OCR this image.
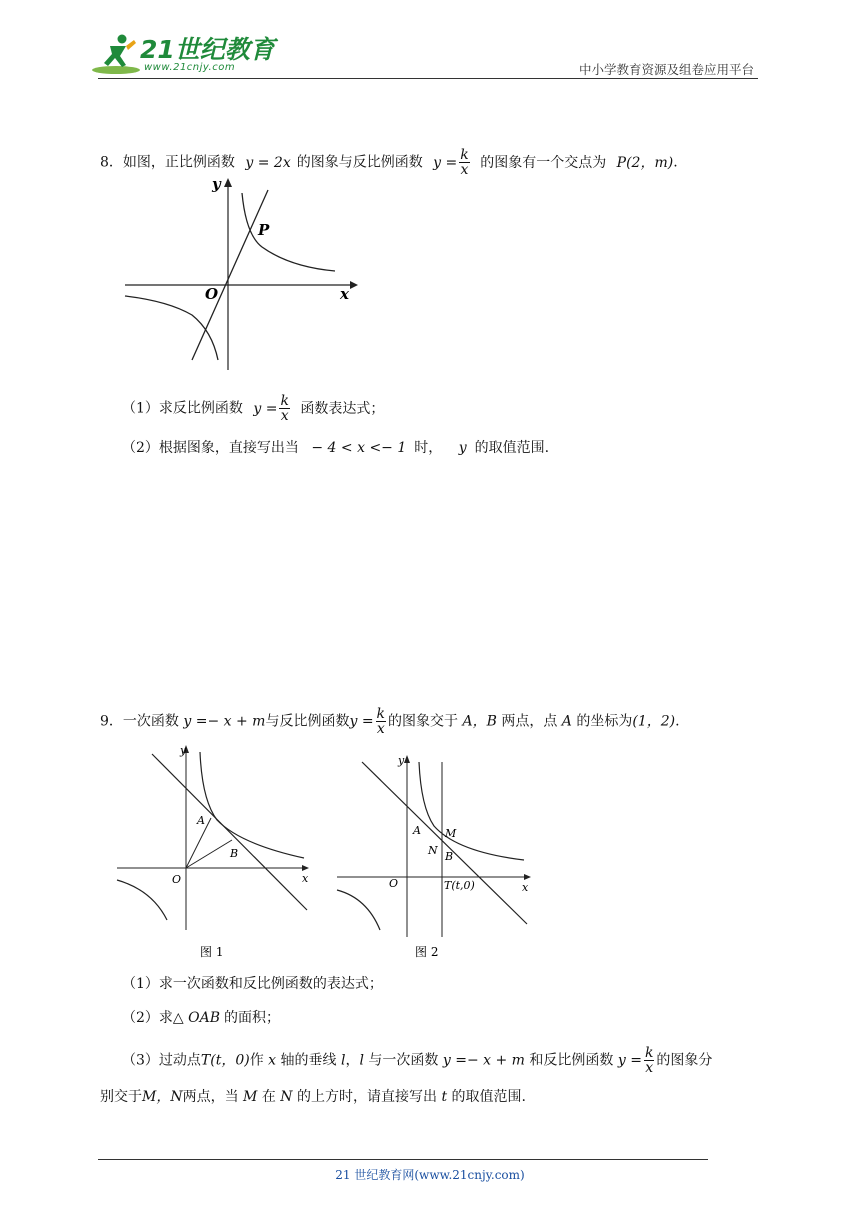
21世纪教育
www.21cnjy.com	中小学教育资源及组卷应用平台
8．如图，正比例函数 y = 2x 的图象与反比例函数 $y = \frac{k}{x}$ 的图象有一个交点为 P(2，m).
y
x
O
P
（1）求反比例函数 $y = \frac{k}{x}$ 函数表达式；
（2）根据图象，直接写出当 − 4 < x <− 1 时， y 的取值范围.
9．一次函数 y =− x + m与反比例函数$y = \frac{k}{x}$ 的图象交于 A，B 两点，点 A 的坐标为(1，2).
y
x
O
A
B
图 1
y
x
O
A
B
M
N
T(t,0)
图 2
（1）求一次函数和反比例函数的表达式；
（2）求△ OAB 的面积；
（3）过动点T(t，0)作 x 轴的垂线 l，l 与一次函数 y =− x + m 和反比例函数 $y = \frac{k}{x}$ 的图象分
别交于M，N两点，当 M 在 N 的上方时，请直接写出 t 的取值范围.
21 世纪教育网(www.21cnjy.com)
